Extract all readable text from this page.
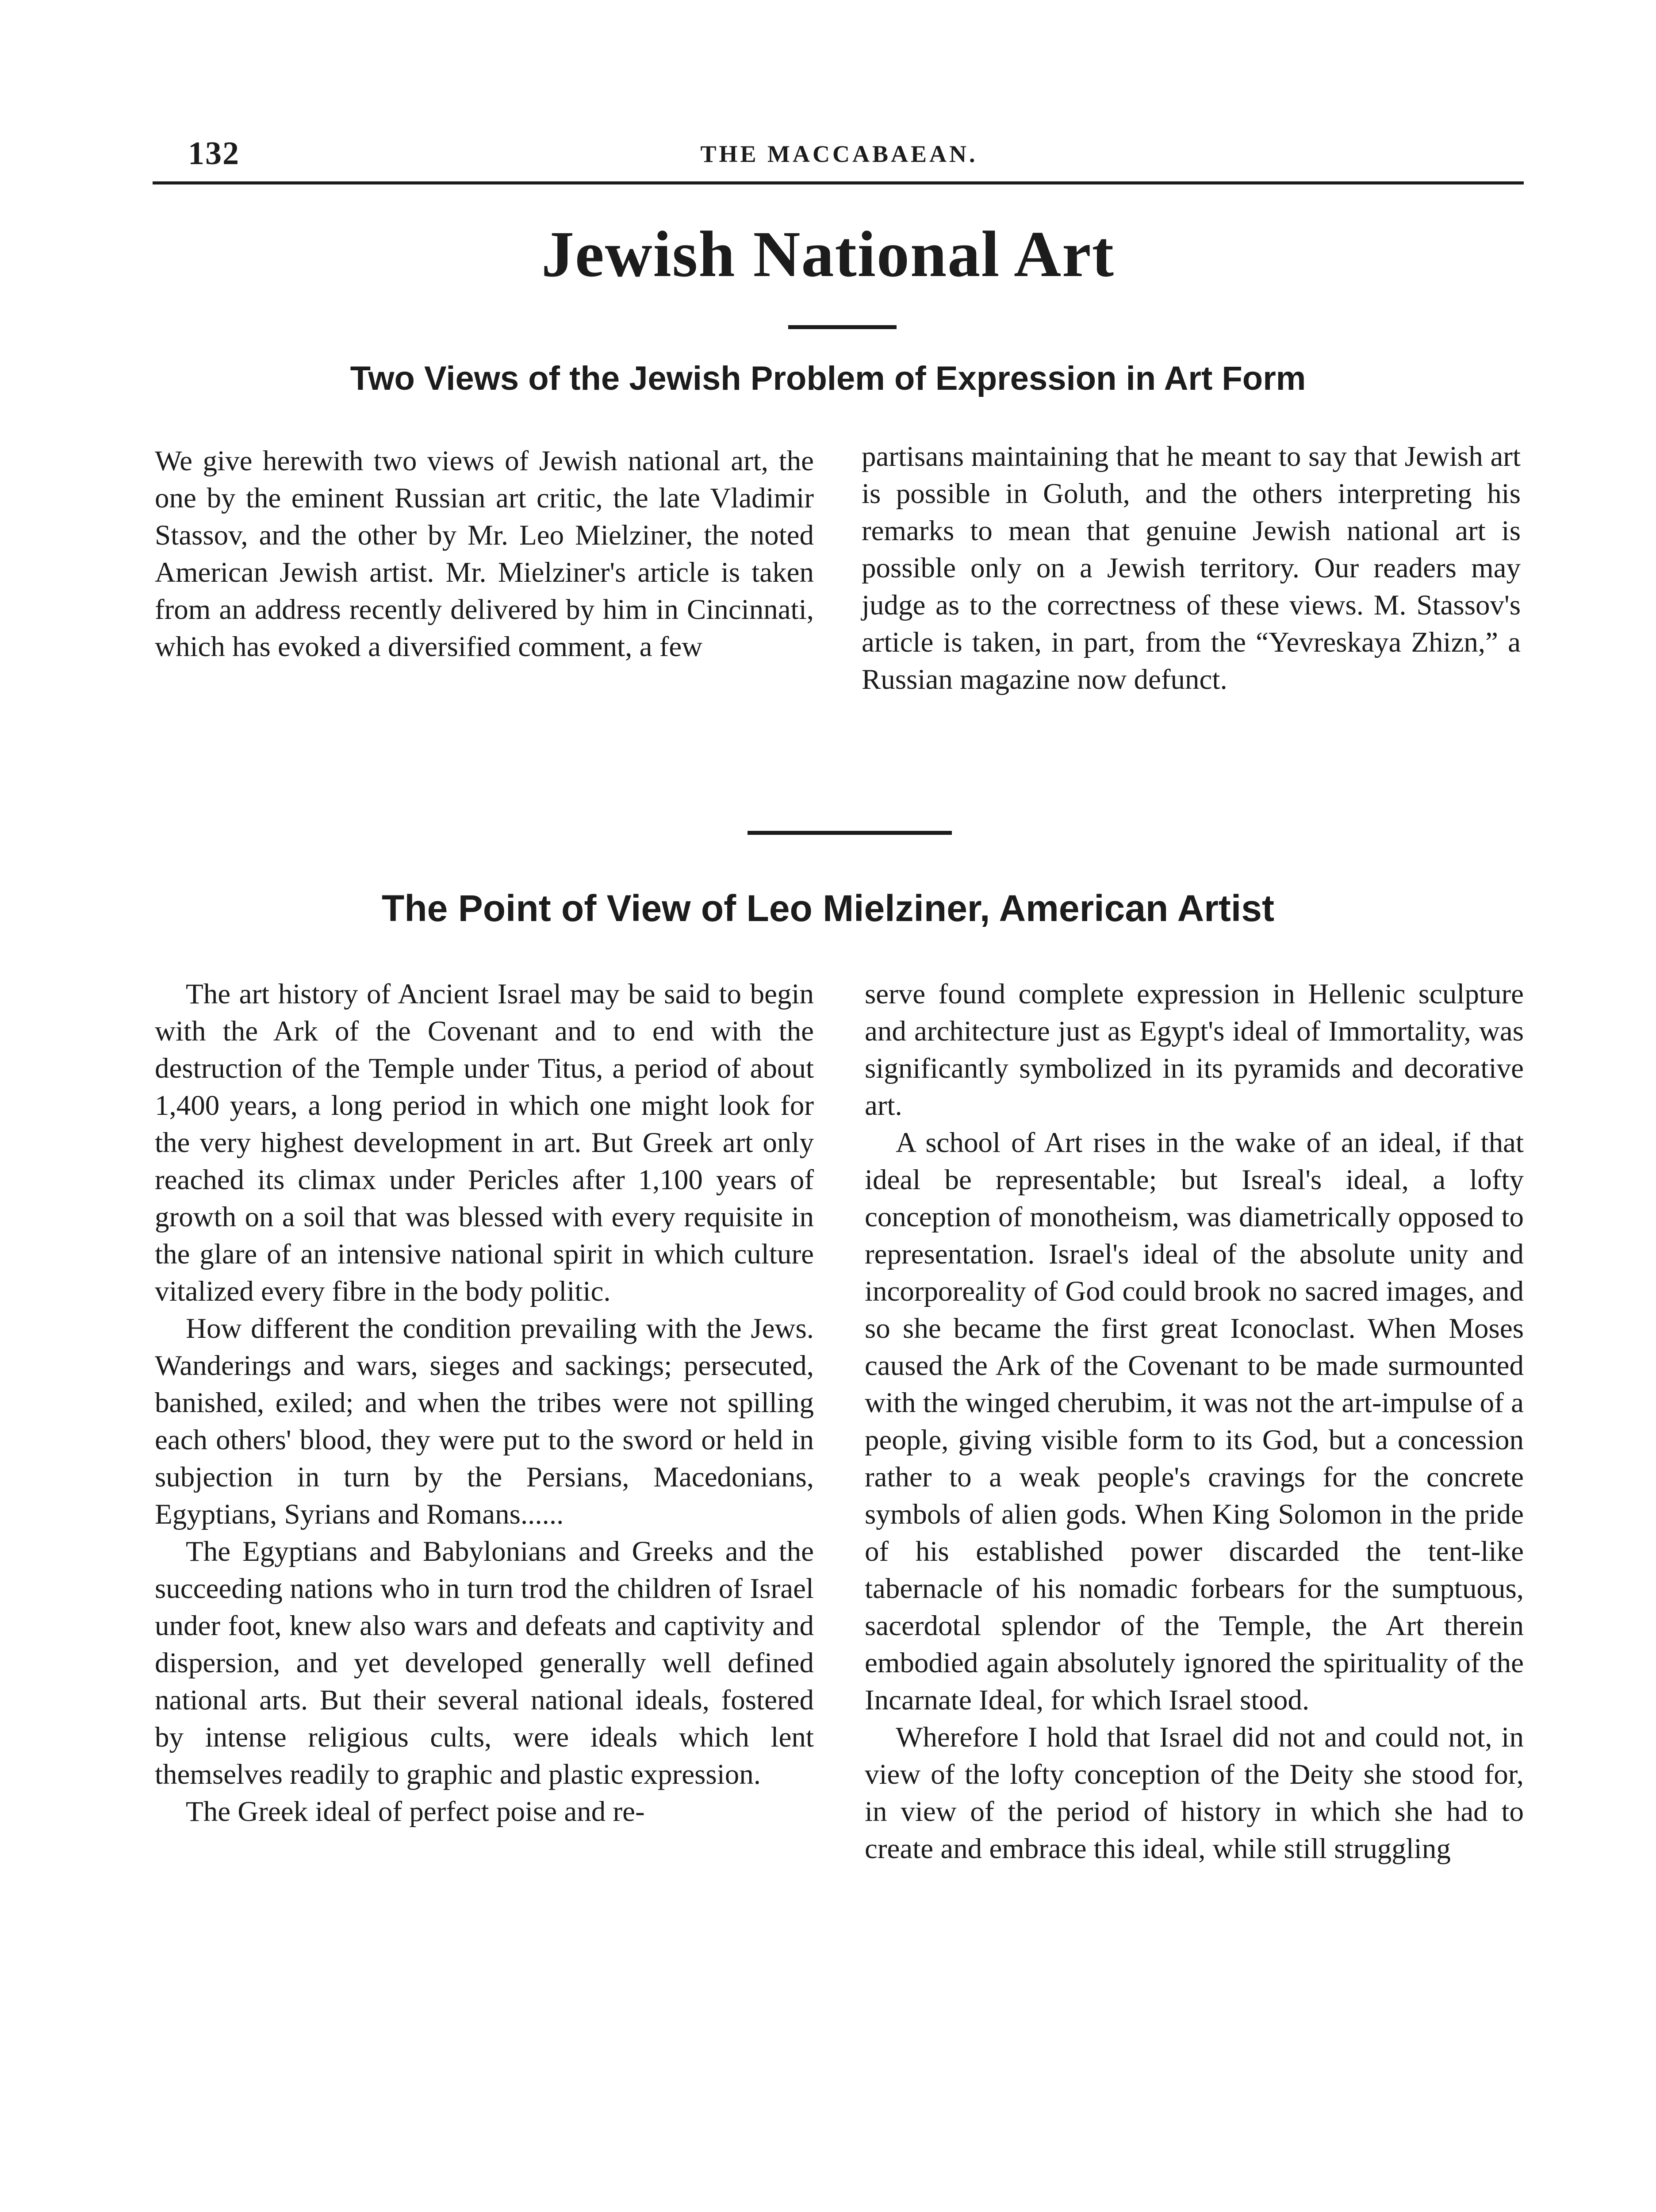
132	THE MACCABAEAN.
Jewish National Art
Two Views of the Jewish Problem of Expression in Art Form

We give herewith two views of Jewish national art, the one by the eminent Russian art critic, the late Vladimir Stassov, and the other by Mr. Leo Mielziner, the noted American Jewish artist. Mr. Mielziner's article is taken from an address recently delivered by him in Cincinnati, which has evoked a diversified comment, a few

partisans maintaining that he meant to say that Jewish art is possible in Goluth, and the others interpreting his remarks to mean that genuine Jewish national art is possible only on a Jewish territory. Our readers may judge as to the correctness of these views. M. Stassov's article is taken, in part, from the “Yevreskaya Zhizn,” a Russian magazine now defunct.

The Point of View of Leo Mielziner, American Artist

The art history of Ancient Israel may be said to begin with the Ark of the Covenant and to end with the destruction of the Temple under Titus, a period of about 1,400 years, a long period in which one might look for the very highest development in art. But Greek art only reached its climax under Pericles after 1,100 years of growth on a soil that was blessed with every requisite in the glare of an intensive national spirit in which culture vitalized every fibre in the body politic.

How different the condition prevailing with the Jews. Wanderings and wars, sieges and sackings; persecuted, banished, exiled; and when the tribes were not spilling each others' blood, they were put to the sword or held in subjection in turn by the Persians, Macedonians, Egyptians, Syrians and Romans......

The Egyptians and Babylonians and Greeks and the succeeding nations who in turn trod the children of Israel under foot, knew also wars and defeats and captivity and dispersion, and yet developed generally well defined national arts. But their several national ideals, fostered by intense religious cults, were ideals which lent themselves readily to graphic and plastic expression.

The Greek ideal of perfect poise and re-

serve found complete expression in Hellenic sculpture and architecture just as Egypt's ideal of Immortality, was significantly symbolized in its pyramids and decorative art.

A school of Art rises in the wake of an ideal, if that ideal be representable; but Isreal's ideal, a lofty conception of monotheism, was diametrically opposed to representation. Israel's ideal of the absolute unity and incorporeality of God could brook no sacred images, and so she became the first great Iconoclast. When Moses caused the Ark of the Covenant to be made surmounted with the winged cherubim, it was not the art-impulse of a people, giving visible form to its God, but a concession rather to a weak people's cravings for the concrete symbols of alien gods. When King Solomon in the pride of his established power discarded the tent-like tabernacle of his nomadic forbears for the sumptuous, sacerdotal splendor of the Temple, the Art therein embodied again absolutely ignored the spirituality of the Incarnate Ideal, for which Israel stood.

Wherefore I hold that Israel did not and could not, in view of the lofty conception of the Deity she stood for, in view of the period of history in which she had to create and embrace this ideal, while still struggling
